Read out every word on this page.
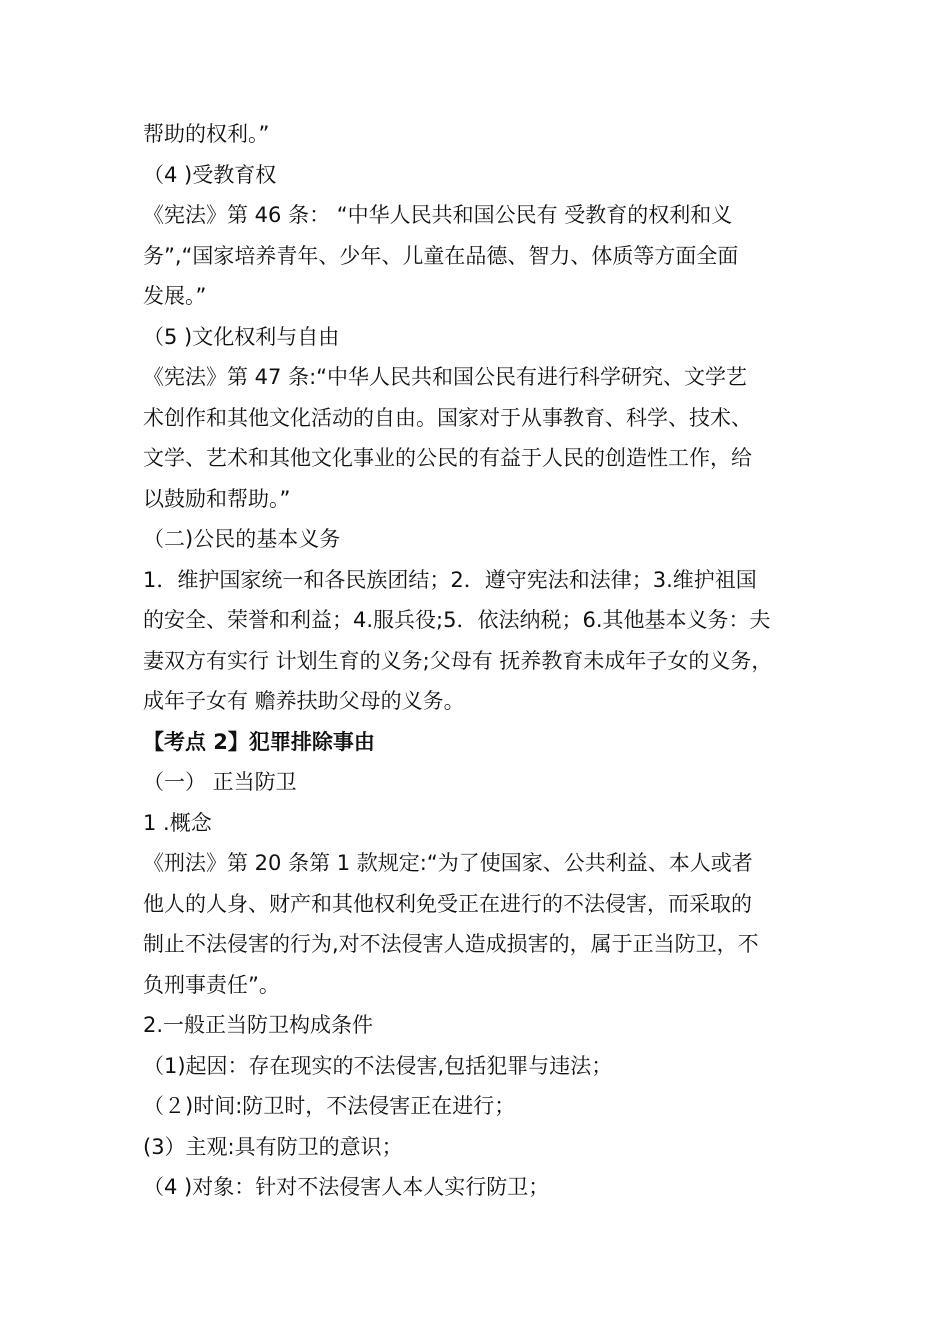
帮助的权利。”
（4 )受教育权
《宪法》第 46 条： “中华人民共和国公民有 受教育的权利和义
务”,“国家培养青年、少年、儿童在品德、智力、体质等方面全面
发展。”
（5 )文化权利与自由
《宪法》第 47 条:“中华人民共和国公民有进行科学研究、文学艺
术创作和其他文化活动的自由。国家对于从事教育、科学、技术、
文学、艺术和其他文化事业的公民的有益于人民的创造性工作，给
以鼓励和帮助。”
（二)公民的基本义务
1．维护国家统一和各民族团结；2．遵守宪法和法律；3.维护祖国
的安全、荣誉和利益；4.服兵役;5．依法纳税；6.其他基本义务：夫
妻双方有实行 计划生育的义务;父母有 抚养教育未成年子女的义务，
成年子女有 赡养扶助父母的义务。
【考点 2】犯罪排除事由
（一） 正当防卫
1 .概念
《刑法》第 20 条第 1 款规定:“为了使国家、公共利益、本人或者
他人的人身、财产和其他权利免受正在进行的不法侵害，而采取的
制止不法侵害的行为,对不法侵害人造成损害的，属于正当防卫，不
负刑事责任”。
2.一般正当防卫构成条件
（1)起因：存在现实的不法侵害,包括犯罪与违法；
（２)时间:防卫时，不法侵害正在进行；
(3）主观:具有防卫的意识；
（4 )对象：针对不法侵害人本人实行防卫；
